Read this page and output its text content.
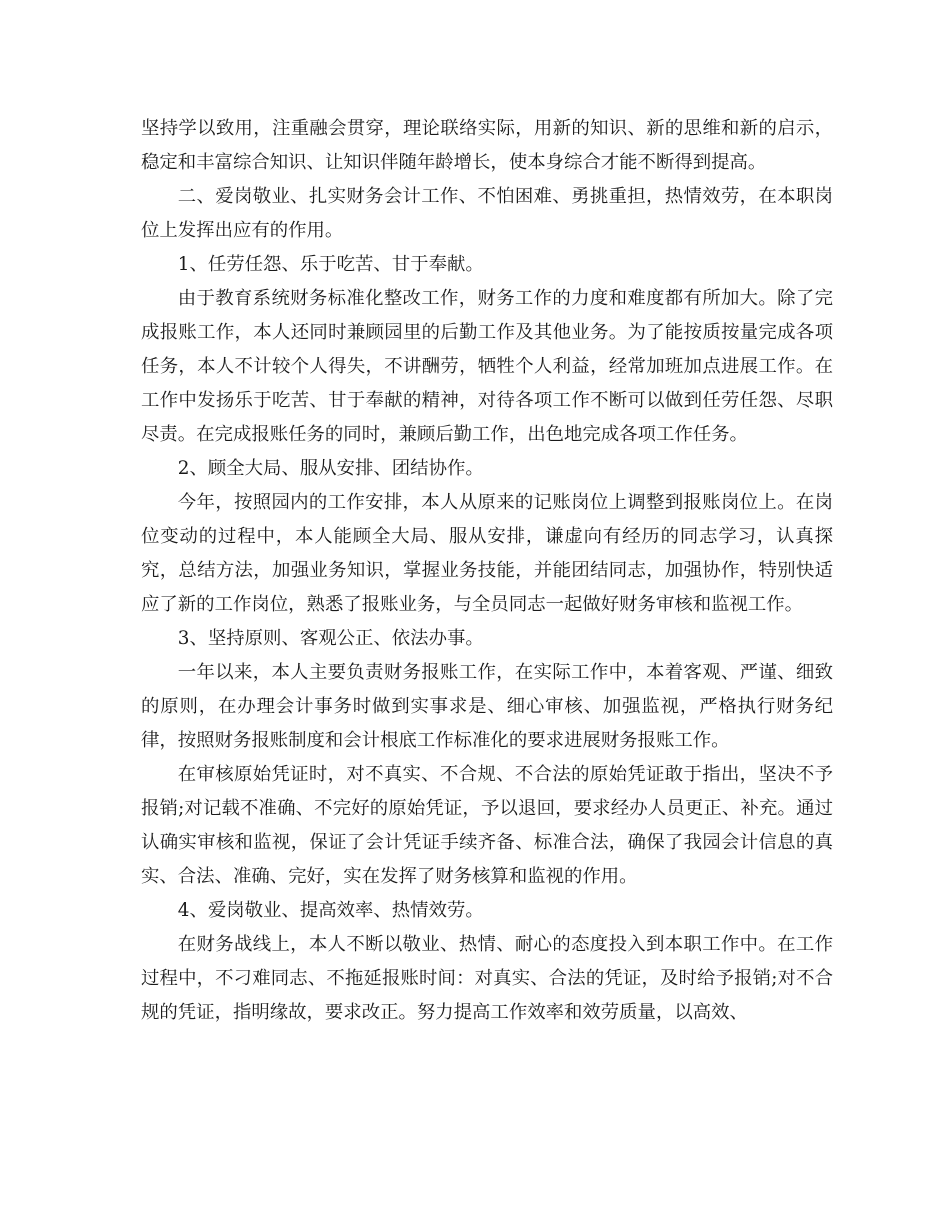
坚持学以致用，注重融会贯穿，理论联络实际，用新的知识、新的思维和新的启示，稳定和丰富综合知识、让知识伴随年龄增长，使本身综合才能不断得到提高。

二、爱岗敬业、扎实财务会计工作、不怕困难、勇挑重担，热情效劳，在本职岗位上发挥出应有的作用。

1、任劳任怨、乐于吃苦、甘于奉献。

由于教育系统财务标准化整改工作，财务工作的力度和难度都有所加大。除了完成报账工作，本人还同时兼顾园里的后勤工作及其他业务。为了能按质按量完成各项任务，本人不计较个人得失，不讲酬劳，牺牲个人利益，经常加班加点进展工作。在工作中发扬乐于吃苦、甘于奉献的精神，对待各项工作不断可以做到任劳任怨、尽职尽责。在完成报账任务的同时，兼顾后勤工作，出色地完成各项工作任务。

2、顾全大局、服从安排、团结协作。

今年，按照园内的工作安排，本人从原来的记账岗位上调整到报账岗位上。在岗位变动的过程中，本人能顾全大局、服从安排，谦虚向有经历的同志学习，认真探究，总结方法，加强业务知识，掌握业务技能，并能团结同志，加强协作，特别快适应了新的工作岗位，熟悉了报账业务，与全员同志一起做好财务审核和监视工作。

3、坚持原则、客观公正、依法办事。

一年以来，本人主要负责财务报账工作，在实际工作中，本着客观、严谨、细致的原则，在办理会计事务时做到实事求是、细心审核、加强监视，严格执行财务纪律，按照财务报账制度和会计根底工作标准化的要求进展财务报账工作。

在审核原始凭证时，对不真实、不合规、不合法的原始凭证敢于指出，坚决不予报销;对记载不准确、不完好的原始凭证，予以退回，要求经办人员更正、补充。通过认确实审核和监视，保证了会计凭证手续齐备、标准合法，确保了我园会计信息的真实、合法、准确、完好，实在发挥了财务核算和监视的作用。

4、爱岗敬业、提高效率、热情效劳。

在财务战线上，本人不断以敬业、热情、耐心的态度投入到本职工作中。在工作过程中，不刁难同志、不拖延报账时间：对真实、合法的凭证，及时给予报销;对不合规的凭证，指明缘故，要求改正。努力提高工作效率和效劳质量，以高效、
